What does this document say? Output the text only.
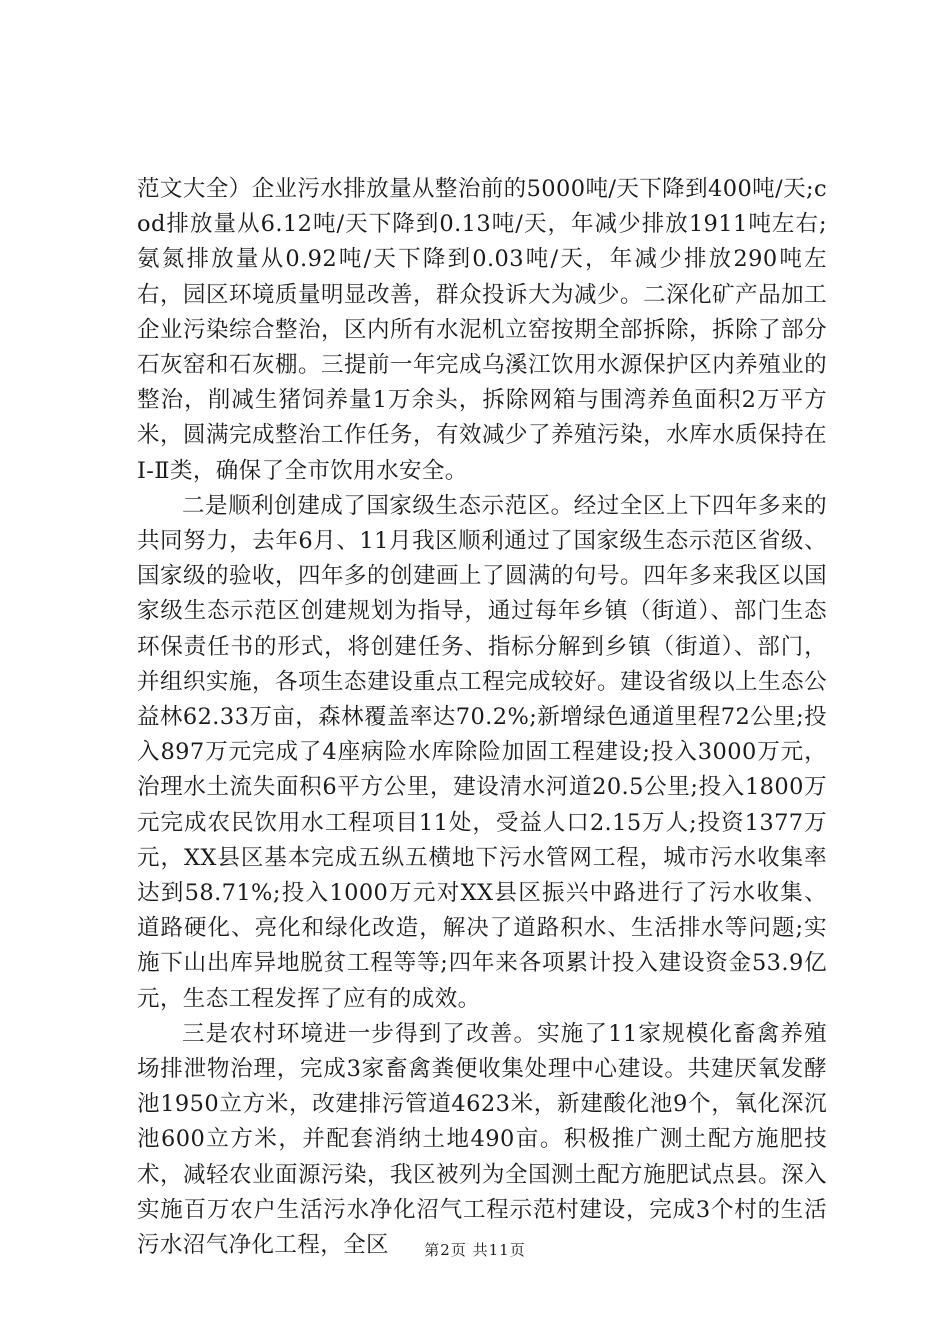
范文大全）企业污水排放量从整治前的5000吨/天下降到400吨/天;cod排放量从6.12吨/天下降到0.13吨/天，年减少排放1911吨左右;氨氮排放量从0.92吨/天下降到0.03吨/天，年减少排放290吨左右，园区环境质量明显改善，群众投诉大为减少。二深化矿产品加工企业污染综合整治，区内所有水泥机立窑按期全部拆除，拆除了部分石灰窑和石灰棚。三提前一年完成乌溪江饮用水源保护区内养殖业的整治，削减生猪饲养量1万余头，拆除网箱与围湾养鱼面积2万平方米，圆满完成整治工作任务，有效减少了养殖污染，水库水质保持在Ⅰ-Ⅱ类，确保了全市饮用水安全。

二是顺利创建成了国家级生态示范区。经过全区上下四年多来的共同努力，去年6月、11月我区顺利通过了国家级生态示范区省级、国家级的验收，四年多的创建画上了圆满的句号。四年多来我区以国家级生态示范区创建规划为指导，通过每年乡镇（街道）、部门生态环保责任书的形式，将创建任务、指标分解到乡镇（街道）、部门，并组织实施，各项生态建设重点工程完成较好。建设省级以上生态公益林62.33万亩，森林覆盖率达70.2%;新增绿色通道里程72公里;投入897万元完成了4座病险水库除险加固工程建设;投入3000万元，治理水土流失面积6平方公里，建设清水河道20.5公里;投入1800万元完成农民饮用水工程项目11处，受益人口2.15万人;投资1377万元，XX县区基本完成五纵五横地下污水管网工程，城市污水收集率达到58.71%;投入1000万元对XX县区振兴中路进行了污水收集、道路硬化、亮化和绿化改造，解决了道路积水、生活排水等问题;实施下山出库异地脱贫工程等等;四年来各项累计投入建设资金53.9亿元，生态工程发挥了应有的成效。

三是农村环境进一步得到了改善。实施了11家规模化畜禽养殖场排泄物治理，完成3家畜禽粪便收集处理中心建设。共建厌氧发酵池1950立方米，改建排污管道4623米，新建酸化池9个，氧化深沉池600立方米，并配套消纳土地490亩。积极推广测土配方施肥技术，减轻农业面源污染，我区被列为全国测土配方施肥试点县。深入实施百万农户生活污水净化沼气工程示范村建设，完成3个村的生活污水沼气净化工程，全区	第2页 共11页
